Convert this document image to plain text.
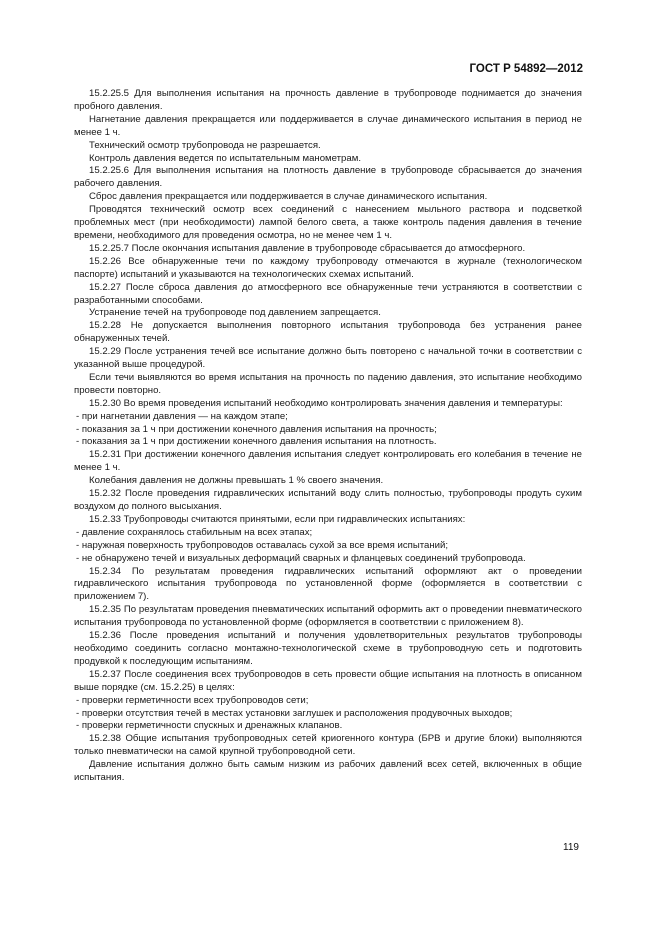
ГОСТ Р 54892—2012

15.2.25.5 Для выполнения испытания на прочность давление в трубопроводе поднимается до значения пробного давления.

Нагнетание давления прекращается или поддерживается в случае динамического испытания в период не менее 1 ч.

Технический осмотр трубопровода не разрешается.

Контроль давления ведется по испытательным манометрам.

15.2.25.6 Для выполнения испытания на плотность давление в трубопроводе сбрасывается до значения рабочего давления.

Сброс давления прекращается или поддерживается в случае динамического испытания.

Проводятся технический осмотр всех соединений с нанесением мыльного раствора и подсветкой проблемных мест (при необходимости) лампой белого света, а также контроль падения давления в течение времени, необходимого для проведения осмотра, но не менее чем 1 ч.

15.2.25.7 После окончания испытания давление в трубопроводе сбрасывается до атмосферного.

15.2.26 Все обнаруженные течи по каждому трубопроводу отмечаются в журнале (технологическом паспорте) испытаний и указываются на технологических схемах испытаний.

15.2.27 После сброса давления до атмосферного все обнаруженные течи устраняются в соответствии с разработанными способами.

Устранение течей на трубопроводе под давлением запрещается.

15.2.28 Не допускается выполнения повторного испытания трубопровода без устранения ранее обнаруженных течей.

15.2.29 После устранения течей все испытание должно быть повторено с начальной точки в соответствии с указанной выше процедурой.

Если течи выявляются во время испытания на прочность по падению давления, это испытание необходимо провести повторно.

15.2.30 Во время проведения испытаний необходимо контролировать значения давления и температуры:

- при нагнетании давления — на каждом этапе;

- показания за 1 ч при достижении конечного давления испытания на прочность;

- показания за 1 ч при достижении конечного давления испытания на плотность.

15.2.31 При достижении конечного давления испытания следует контролировать его колебания в течение не менее 1 ч.

Колебания давления не должны превышать 1 % своего значения.

15.2.32 После проведения гидравлических испытаний воду слить полностью, трубопроводы продуть сухим воздухом до полного высыхания.

15.2.33 Трубопроводы считаются принятыми, если при гидравлических испытаниях:

- давление сохранялось стабильным на всех этапах;

- наружная поверхность трубопроводов оставалась сухой за все время испытаний;

- не обнаружено течей и визуальных деформаций сварных и фланцевых соединений трубопровода.

15.2.34 По результатам проведения гидравлических испытаний оформляют акт о проведении гидравлического испытания трубопровода по установленной форме (оформляется в соответствии с приложением 7).

15.2.35 По результатам проведения пневматических испытаний оформить акт о проведении пневматического испытания трубопровода по установленной форме (оформляется в соответствии с приложением 8).

15.2.36 После проведения испытаний и получения удовлетворительных результатов трубопроводы необходимо соединить согласно монтажно-технологической схеме в трубопроводную сеть и подготовить продувкой к последующим испытаниям.

15.2.37 После соединения всех трубопроводов в сеть провести общие испытания на плотность в описанном выше порядке (см. 15.2.25) в целях:

- проверки герметичности всех трубопроводов сети;

- проверки отсутствия течей в местах установки заглушек и расположения продувочных выходов;

- проверки герметичности спускных и дренажных клапанов.

15.2.38 Общие испытания трубопроводных сетей криогенного контура (БРВ и другие блоки) выполняются только пневматически на самой крупной трубопроводной сети.

Давление испытания должно быть самым низким из рабочих давлений всех сетей, включенных в общие испытания.

119
